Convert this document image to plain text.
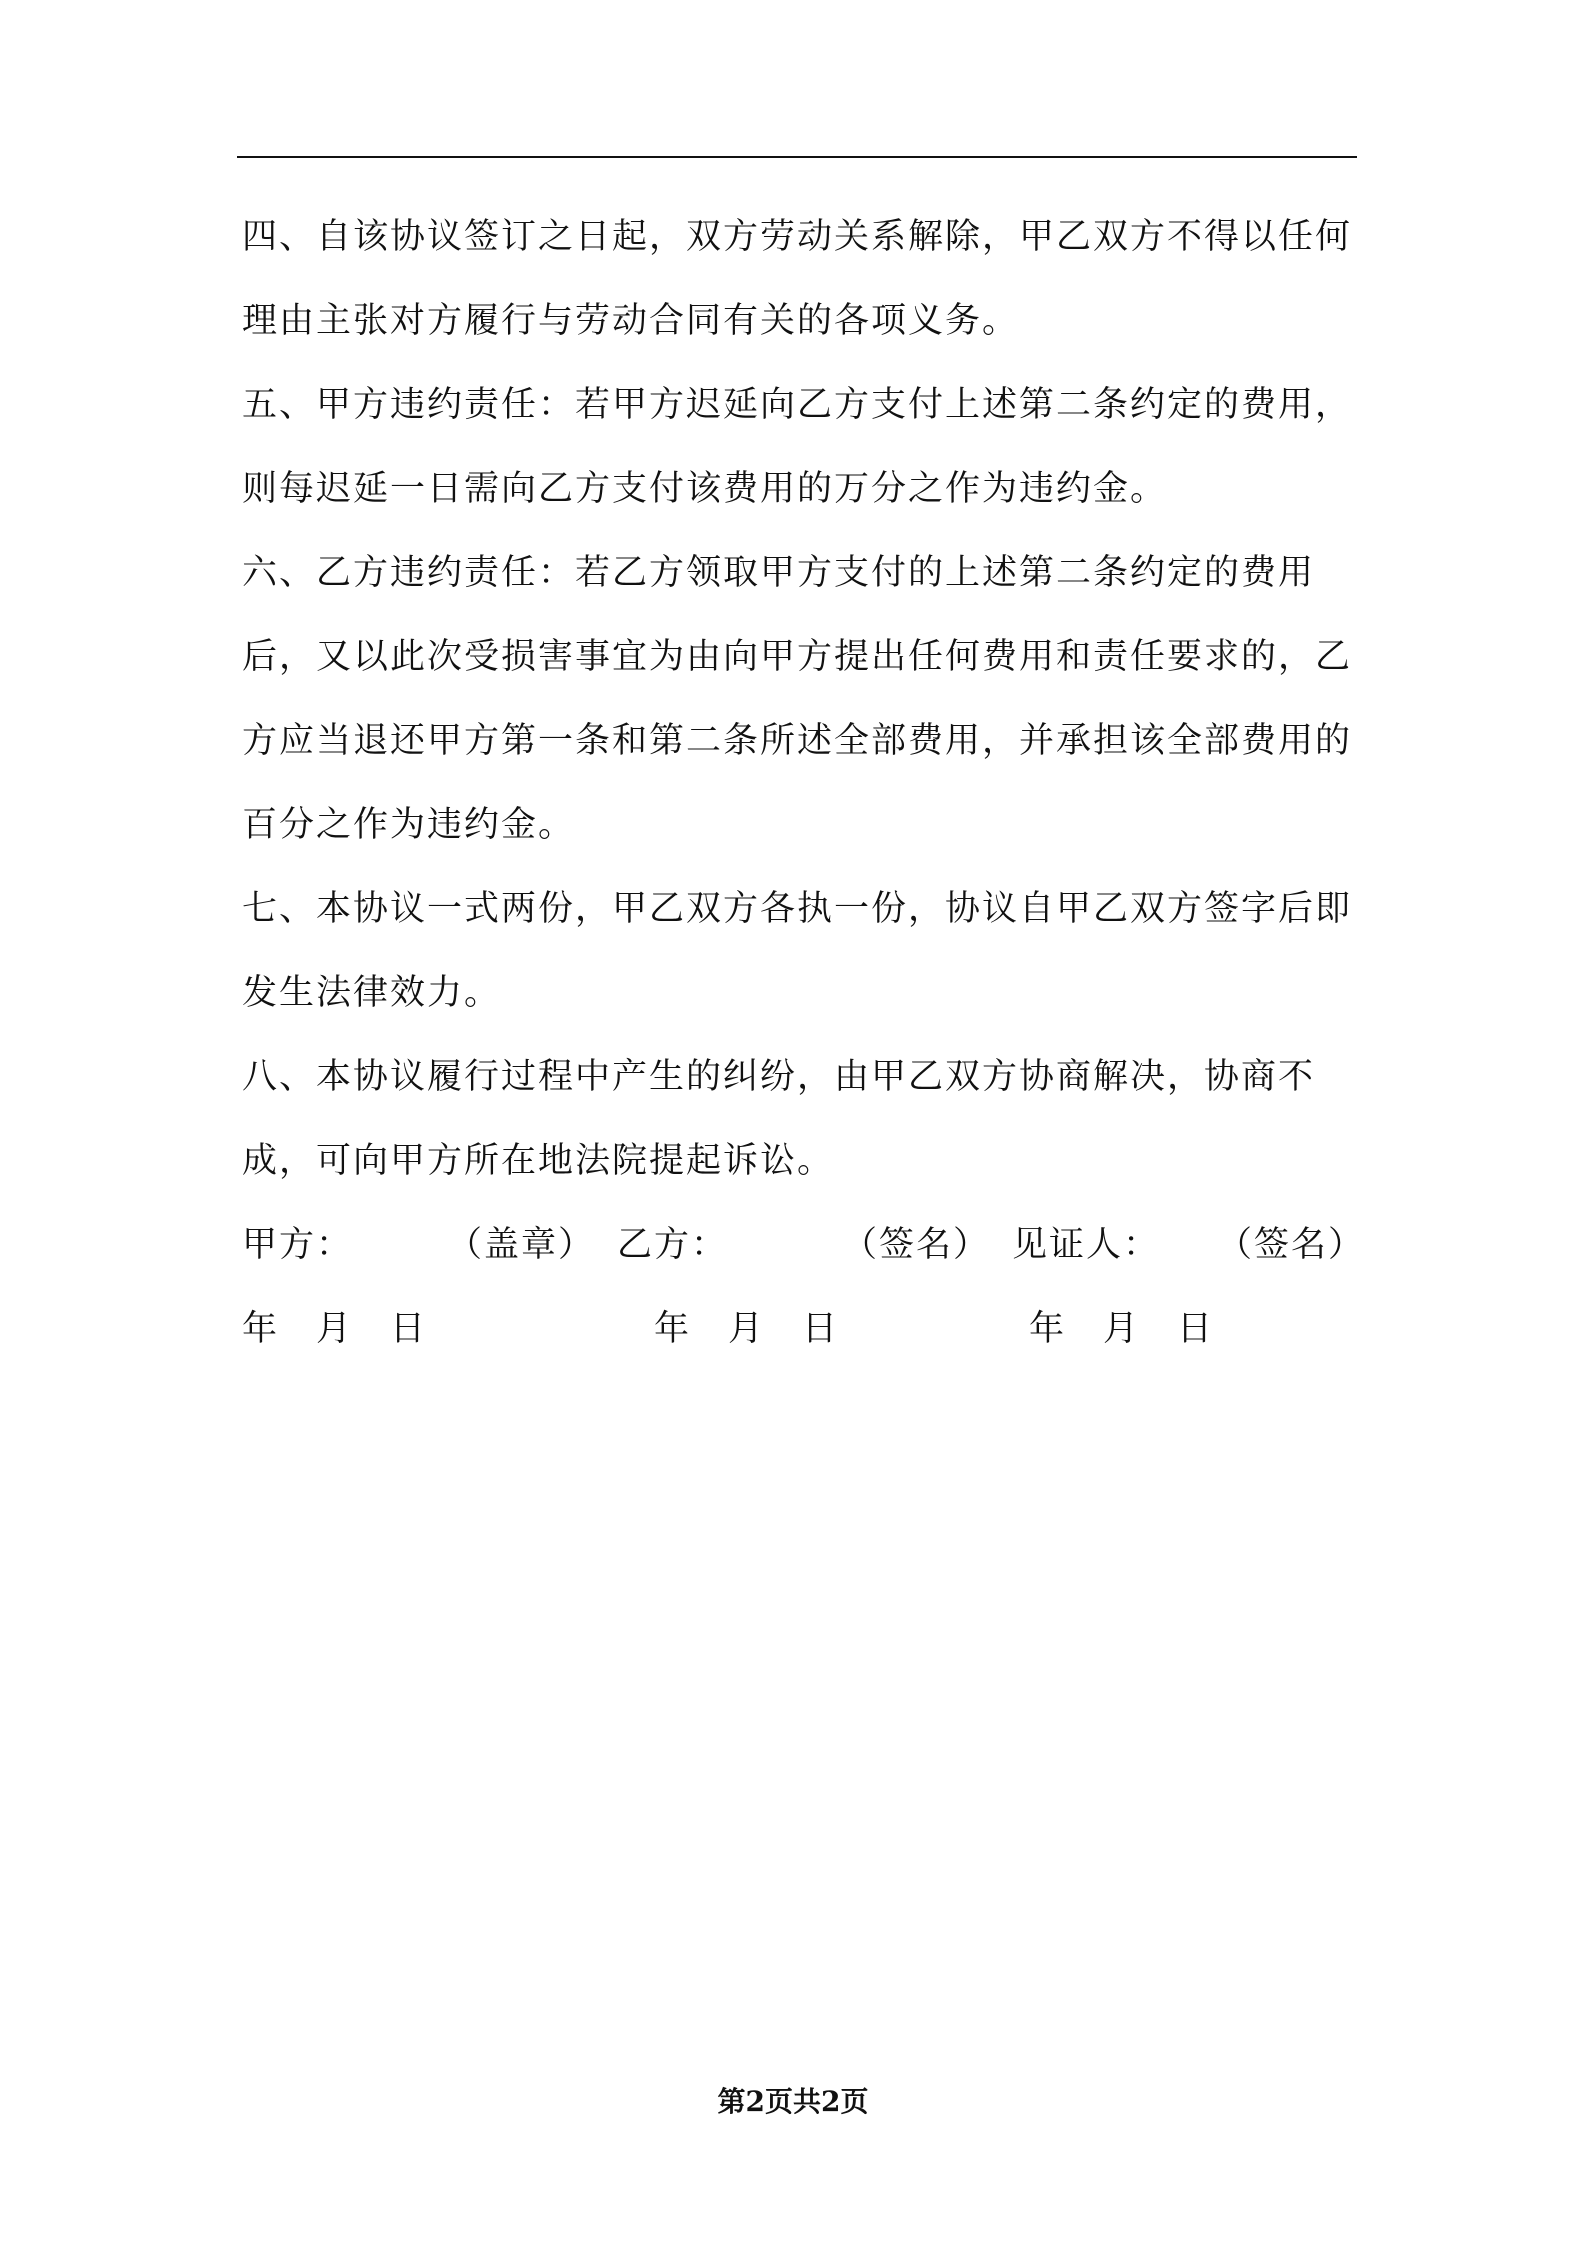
四、自该协议签订之日起，双方劳动关系解除，甲乙双方不得以任何理由主张对方履行与劳动合同有关的各项义务。

五、甲方违约责任：若甲方迟延向乙方支付上述第二条约定的费用，则每迟延一日需向乙方支付该费用的万分之作为违约金。

六、乙方违约责任：若乙方领取甲方支付的上述第二条约定的费用后，又以此次受损害事宜为由向甲方提出任何费用和责任要求的，乙方应当退还甲方第一条和第二条所述全部费用，并承担该全部费用的百分之作为违约金。

七、本协议一式两份，甲乙双方各执一份，协议自甲乙双方签字后即发生法律效力。

八、本协议履行过程中产生的纠纷，由甲乙双方协商解决，协商不成，可向甲方所在地法院提起诉讼。

甲方：	（盖章） 乙方：	（签名） 见证人： （签名）
年　月　日	年　月　日	年　月　日
第2页共2页
